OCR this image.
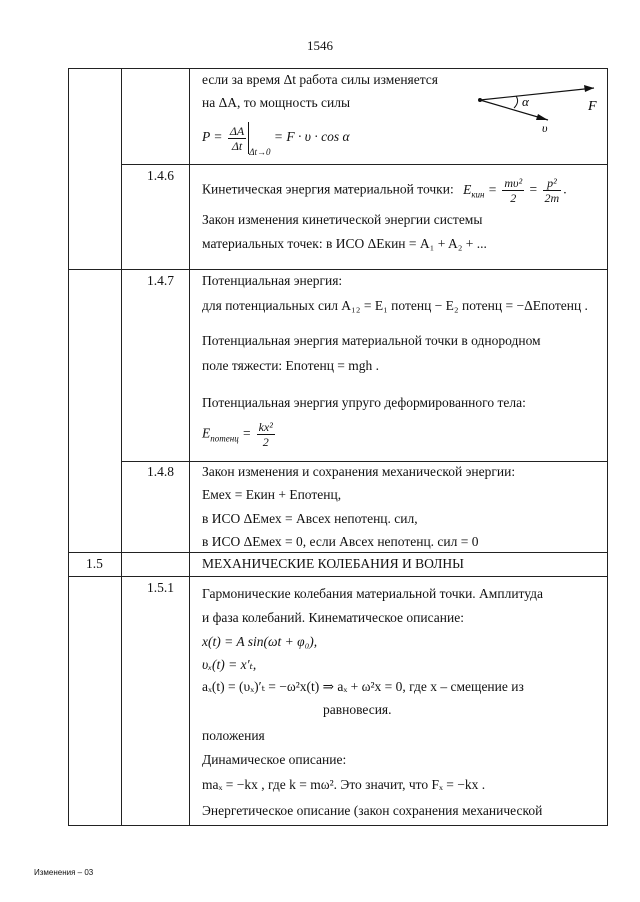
1546
если за время Δt работа силы изменяется
на ΔA, то мощность силы
$P = \frac{\Delta A}{\Delta t} _{\Delta t\to 0} = F \cdot \upsilon \cdot \cos \alpha$
α	F
υ
1.4.6
Кинетическая энергия материальной точки: $E_{кин} = \frac{\text{mυ²}}{2} = \frac{\text{p²}}{2m}$ .
Закон изменения кинетической энергии системы
материальных точек: в ИСО ΔEкин = A₁ + A₂ + ...
1.4.7 Потенциальная энергия:
для потенциальных сил A₁₂ = E₁ потенц − E₂ потенц = −ΔEпотенц .
Потенциальная энергия материальной точки в однородном
поле тяжести: Eпотенц = mgh .
Потенциальная энергия упруго деформированного тела:
$E_{потенц} = \frac{\text{kx²}}{2}$
1.4.8 Закон изменения и сохранения механической энергии:
Eмех = Eкин + Eпотенц,
в ИСО ΔEмех = Aвсех непотенц. сил,
в ИСО ΔEмех = 0, если Aвсех непотенц. сил = 0
1.5	МЕХАНИЧЕСКИЕ КОЛЕБАНИЯ И ВОЛНЫ
1.5.1 Гармонические колебания материальной точки. Амплитуда
и фаза колебаний. Кинематическое описание:
x(t) = A sin(ωt + φ₀),
υₓ(t) = x′ₜ,
aₓ(t) = (υₓ)′ₜ = −ω²x(t) ⇒ aₓ + ω²x = 0, где x – смещение из
равновесия.
положения
Динамическое описание:
maₓ = −kx , где k = mω². Это значит, что Fₓ = −kx .
Энергетическое описание (закон сохранения механической
Изменения – 03
